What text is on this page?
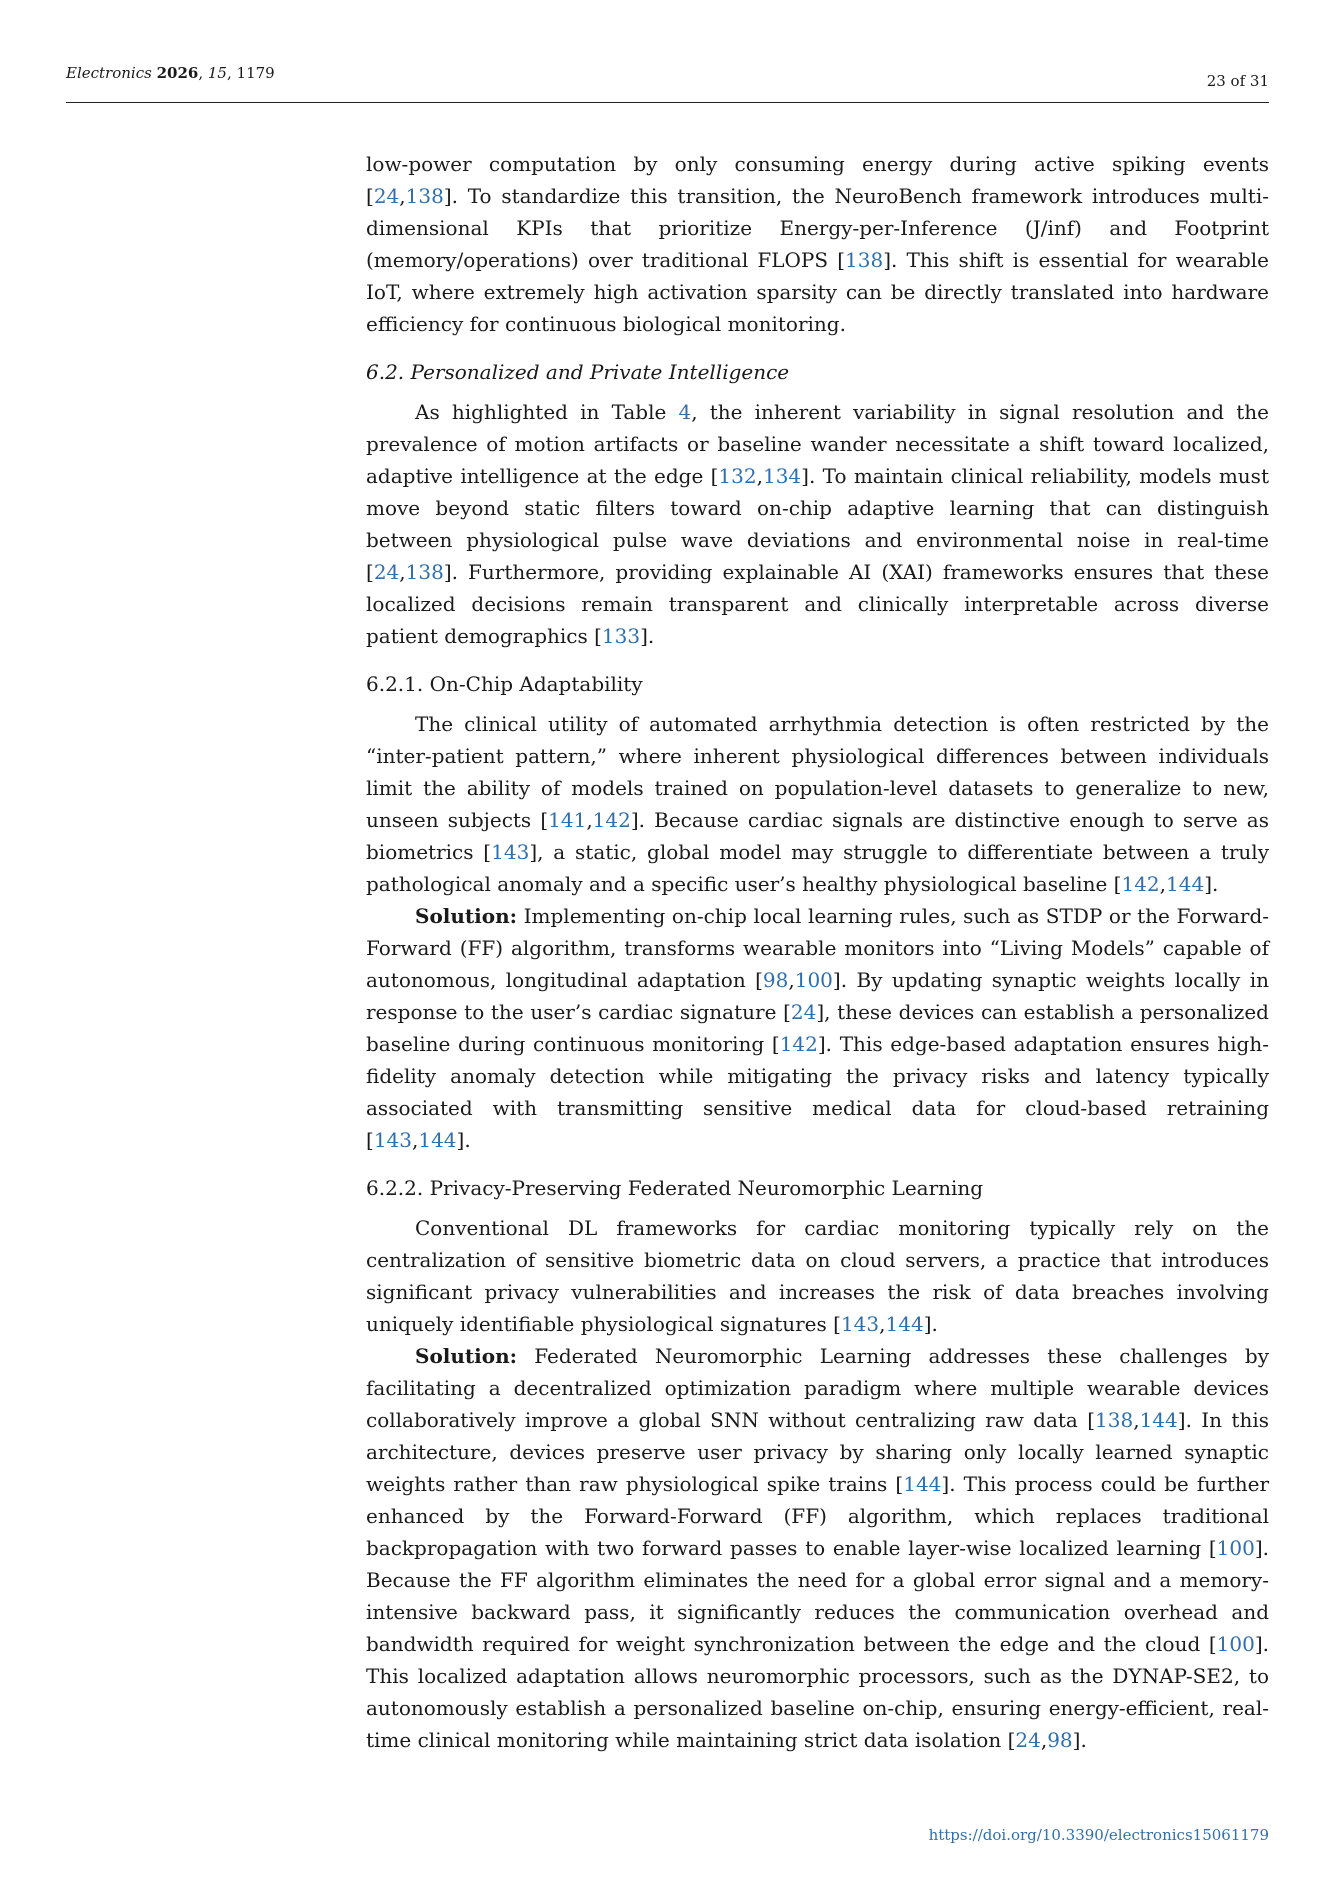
Electronics 2026, 15, 1179	23 of 31

low-power computation by only consuming energy during active spiking events [24,138]. To standardize this transition, the NeuroBench framework introduces multi-dimensional KPIs that prioritize Energy-per-Inference (J/inf) and Footprint (memory/operations) over traditional FLOPS [138]. This shift is essential for wearable IoT, where extremely high activation sparsity can be directly translated into hardware efficiency for continuous biological monitoring.

6.2. Personalized and Private Intelligence

As highlighted in Table 4, the inherent variability in signal resolution and the prevalence of motion artifacts or baseline wander necessitate a shift toward localized, adaptive intelligence at the edge [132,134]. To maintain clinical reliability, models must move beyond static filters toward on-chip adaptive learning that can distinguish between physiological pulse wave deviations and environmental noise in real-time [24,138]. Furthermore, providing explainable AI (XAI) frameworks ensures that these localized decisions remain transparent and clinically interpretable across diverse patient demographics [133].

6.2.1. On-Chip Adaptability

The clinical utility of automated arrhythmia detection is often restricted by the “inter-patient pattern,” where inherent physiological differences between individuals limit the ability of models trained on population-level datasets to generalize to new, unseen subjects [141,142]. Because cardiac signals are distinctive enough to serve as biometrics [143], a static, global model may struggle to differentiate between a truly pathological anomaly and a specific user’s healthy physiological baseline [142,144].

Solution: Implementing on-chip local learning rules, such as STDP or the Forward-Forward (FF) algorithm, transforms wearable monitors into “Living Models” capable of autonomous, longitudinal adaptation [98,100]. By updating synaptic weights locally in response to the user’s cardiac signature [24], these devices can establish a personalized baseline during continuous monitoring [142]. This edge-based adaptation ensures high-fidelity anomaly detection while mitigating the privacy risks and latency typically associated with transmitting sensitive medical data for cloud-based retraining [143,144].

6.2.2. Privacy-Preserving Federated Neuromorphic Learning

Conventional DL frameworks for cardiac monitoring typically rely on the centralization of sensitive biometric data on cloud servers, a practice that introduces significant privacy vulnerabilities and increases the risk of data breaches involving uniquely identifiable physiological signatures [143,144].

Solution: Federated Neuromorphic Learning addresses these challenges by facilitating a decentralized optimization paradigm where multiple wearable devices collaboratively improve a global SNN without centralizing raw data [138,144]. In this architecture, devices preserve user privacy by sharing only locally learned synaptic weights rather than raw physiological spike trains [144]. This process could be further enhanced by the Forward-Forward (FF) algorithm, which replaces traditional backpropagation with two forward passes to enable layer-wise localized learning [100]. Because the FF algorithm eliminates the need for a global error signal and a memory-intensive backward pass, it significantly reduces the communication overhead and bandwidth required for weight synchronization between the edge and the cloud [100]. This localized adaptation allows neuromorphic processors, such as the DYNAP-SE2, to autonomously establish a personalized baseline on-chip, ensuring energy-efficient, real-time clinical monitoring while maintaining strict data isolation [24,98].

https://doi.org/10.3390/electronics15061179
